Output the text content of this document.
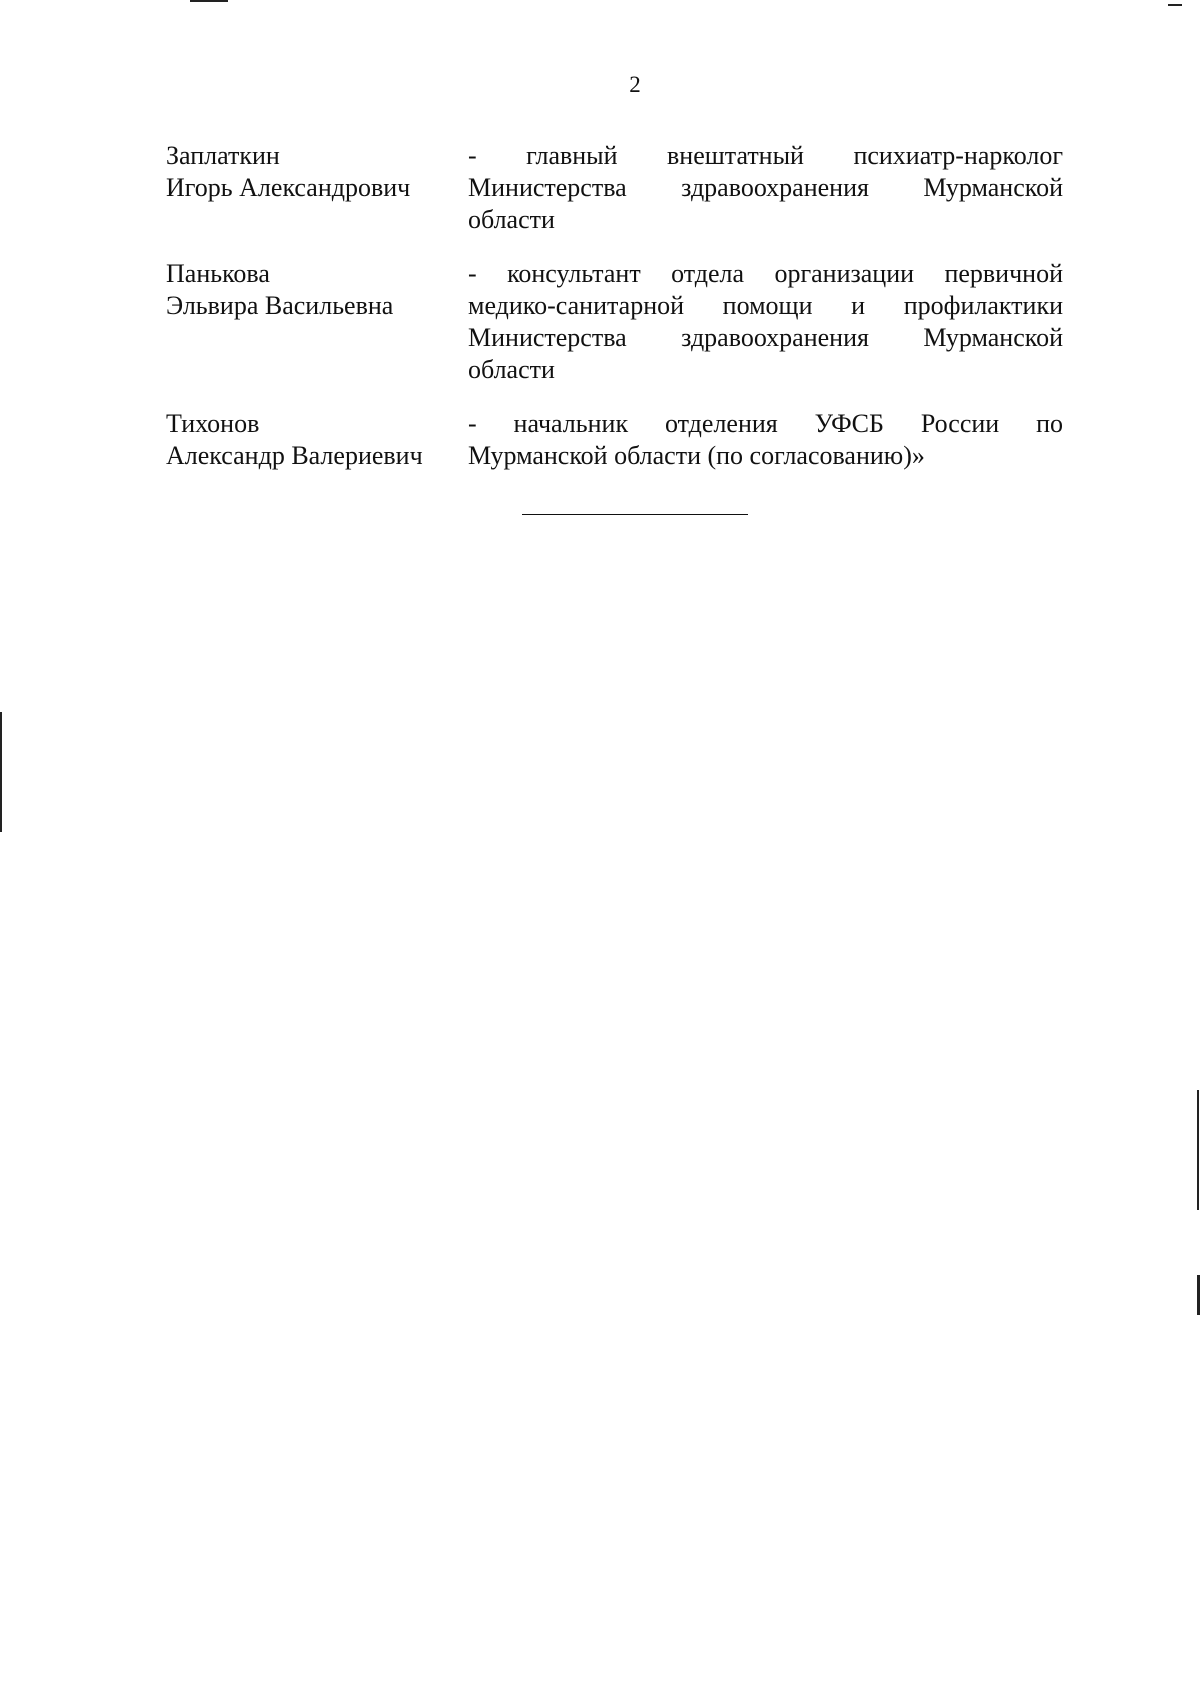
2
Заплаткин
Игорь Александрович
- главный внештатный психиатр-нарколог
Министерства здравоохранения Мурманской
области
Панькова
Эльвира Васильевна
- консультант отдела организации первичной
медико-санитарной помощи и профилактики
Министерства здравоохранения Мурманской
области
Тихонов
Александр Валериевич
- начальник отделения УФСБ России по
Мурманской области (по согласованию)»
